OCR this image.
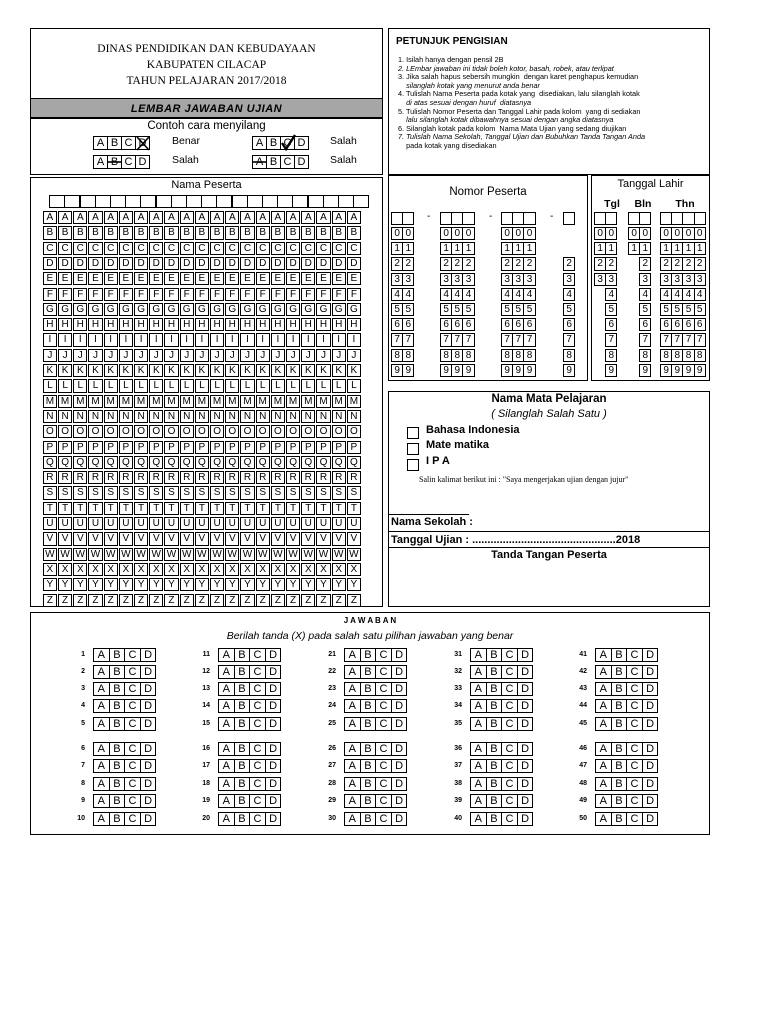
DINAS PENDIDIKAN DAN KEBUDAYAAN
KABUPATEN CILACAP
TAHUN PELAJARAN 2017/2018
LEMBAR JAWABAN UJIAN
Contoh cara menyilang
A B C D	Benar	A B C D	Salah
A B C D	Salah	A B C D	Salah
PETUNJUK PENGISIAN
1. Isilah hanya dengan pensil 2B
2. LEmbar jawaban ini tidak boleh kotor, basah, robek, atau terlipat
3. Jika salah hapus sebersih mungkin  dengan karet penghapus kemudian
silanglah kotak yang menurut anda benar
4. Tulislah Nama Peserta pada kotak yang  disediakan, lalu silanglah kotak
di atas sesuai dengan huruf  diatasnya
5. Tulislah Nomor Peserta dan Tanggal Lahir pada kolom  yang di sediakan
lalu silanglah kotak dibawahnya sesuai dengan angka diatasnya
6. Silanglah kotak pada kolom  Nama Mata Ujian yang sedang diujikan
7. Tulislah Nama Sekolah, Tanggal Ujian dan Bubuhkan Tanda Tangan Anda
pada kotak yang disediakan
Nama Peserta
A A A A A A A A A A A A A A A A A A A A A
B B B B B B B B B B B B B B B B B B B B B
C C C C C C C C C C C C C C C C C C C C C
D D D D D D D D D D D D D D D D D D D D D
E E E E E E E E E E E E E E E E E E E E E
F F F F F F F F F F F F F F F F F F F F F
G G G G G G G G G G G G G G G G G G G G G
H H H H H H H H H H H H H H H H H H H H H
I	I	I	I	I	I	I	I	I	I	I	I	I	I	I	I	I	I	I	I	I
J	J	J	J	J	J	J	J	J	J	J	J	J	J	J	J	J	J	J	J	J
K K K K K K K K K K K K K K K K K K K K K
L L L L L L L L L L L L L L L L L L L L L
M M M M M M M M M M M M M M M M M M M M M
N N N N N N N N N N N N N N N N N N N N N
O O O O O O O O O O O O O O O O O O O O O
P P P P P P P P P P P P P P P P P P P P P
Q Q Q Q Q Q Q Q Q Q Q Q Q Q Q Q Q Q Q Q Q
R R R R R R R R R R R R R R R R R R R R R
S S S S S S S S S S S S S S S S S S S S S
T T T T T T T T T T T T T T T T T T T T T
U U U U U U U U U U U U U U U U U U U U U
V V V V V V V V V V V V V V V V V V V V V
W W W W W W W W W W W W W W W W W W W W W
X X X X X X X X X X X X X X X X X X X X X
Y Y Y Y Y Y Y Y Y Y Y Y Y Y Y Y Y Y Y Y Y
Z Z Z Z Z Z Z Z Z Z Z Z Z Z Z Z Z Z Z Z Z
Nomor Peserta
-	-	-
0 0	0 0 0	0 0 0
1 1	1 1 1	1 1 1
2 2	2 2 2	2 2 2	2
3 3	3 3 3	3 3 3	3
4 4	4 4 4	4 4 4	4
5 5	5 5 5	5 5 5	5
6 6	6 6 6	6 6 6	6
7 7	7 7 7	7 7 7	7
8 8	8 8 8	8 8 8	8
9 9	9 9 9	9 9 9	9
Tanggal Lahir
Tgl	Bln	Thn
0 0	0 0	0 0 0 0
1 1	1 1	1 1 1 1
2 2	2	2 2 2 2
3 3	3	3 3 3 3
4	4	4 4 4 4
5	5	5 5 5 5
6	6	6 6 6 6
7	7	7 7 7 7
8	8	8 8 8 8
9	9	9 9 9 9
Nama Mata Pelajaran
( Silanglah Salah Satu )
Bahasa Indonesia
Mate matika
I P A
Salin kalimat berikut ini : "Saya mengerjakan ujian dengan jujur"
Nama Sekolah :
Tanggal Ujian : ...............................................2018
Tanda Tangan Peserta
J A W A B A N
Berilah tanda (X) pada salah satu pilihan jawaban yang benar
1	A B C D
2	A B C D
3	A B C D
4	A B C D
5	A B C D
6	A B C D
7	A B C D
8	A B C D
9	A B C D
10	A B C D
11	A B C D
12	A B C D
13	A B C D
14	A B C D
15	A B C D
16	A B C D
17	A B C D
18	A B C D
19	A B C D
20	A B C D
21	A B C D
22	A B C D
23	A B C D
24	A B C D
25	A B C D
26	A B C D
27	A B C D
28	A B C D
29	A B C D
30	A B C D
31	A B C D
32	A B C D
33	A B C D
34	A B C D
35	A B C D
36	A B C D
37	A B C D
38	A B C D
39	A B C D
40	A B C D
41	A B C D
42	A B C D
43	A B C D
44	A B C D
45	A B C D
46	A B C D
47	A B C D
48	A B C D
49	A B C D
50	A B C D
